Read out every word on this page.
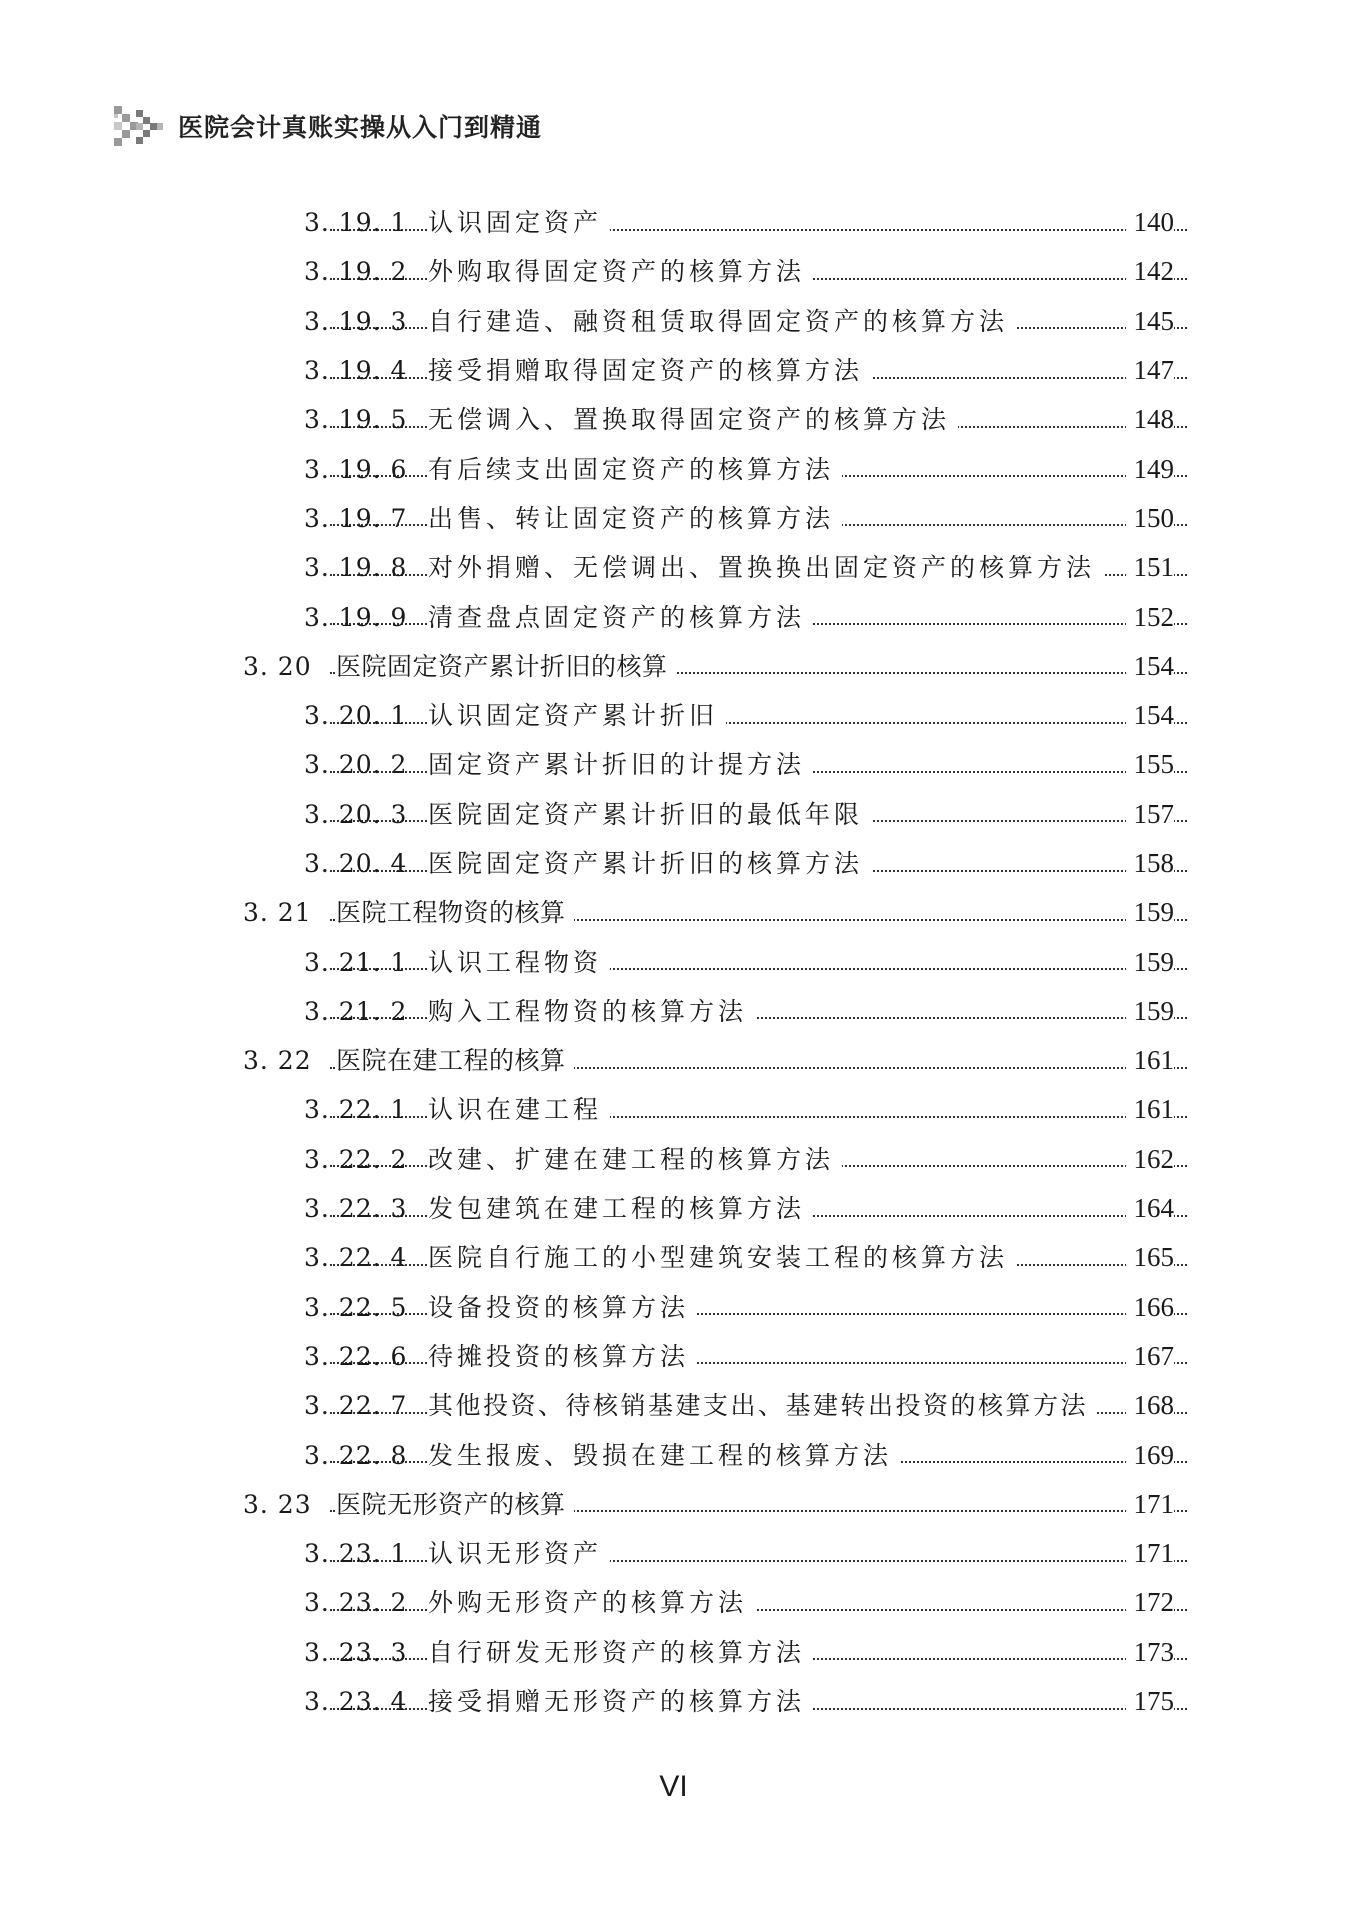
医院会计真账实操从入门到精通
3. 19. 1 认识固定资产	140
3. 19. 2 外购取得固定资产的核算方法	142
3. 19. 3 自行建造、融资租赁取得固定资产的核算方法	145
3. 19. 4 接受捐赠取得固定资产的核算方法	147
3. 19. 5 无偿调入、置换取得固定资产的核算方法	148
3. 19. 6 有后续支出固定资产的核算方法	149
3. 19. 7 出售、转让固定资产的核算方法	150
3. 19. 8 对外捐赠、无偿调出、置换换出固定资产的核算方法 151
3. 19. 9 清查盘点固定资产的核算方法	152
3. 20 医院固定资产累计折旧的核算	154
3. 20. 1 认识固定资产累计折旧	154
3. 20. 2 固定资产累计折旧的计提方法	155
3. 20. 3 医院固定资产累计折旧的最低年限	157
3. 20. 4 医院固定资产累计折旧的核算方法	158
3. 21 医院工程物资的核算	159
3. 21. 1 认识工程物资	159
3. 21. 2 购入工程物资的核算方法	159
3. 22 医院在建工程的核算	161
3. 22. 1 认识在建工程	161
3. 22. 2 改建、扩建在建工程的核算方法	162
3. 22. 3 发包建筑在建工程的核算方法	164
3. 22. 4 医院自行施工的小型建筑安装工程的核算方法	165
3. 22. 5 设备投资的核算方法	166
3. 22. 6 待摊投资的核算方法	167
3. 22. 7 其他投资、待核销基建支出、基建转出投资的核算方法 168
3. 22. 8 发生报废、毁损在建工程的核算方法	169
3. 23 医院无形资产的核算	171
3. 23. 1 认识无形资产	171
3. 23. 2 外购无形资产的核算方法	172
3. 23. 3 自行研发无形资产的核算方法	173
3. 23. 4 接受捐赠无形资产的核算方法	175
VI
